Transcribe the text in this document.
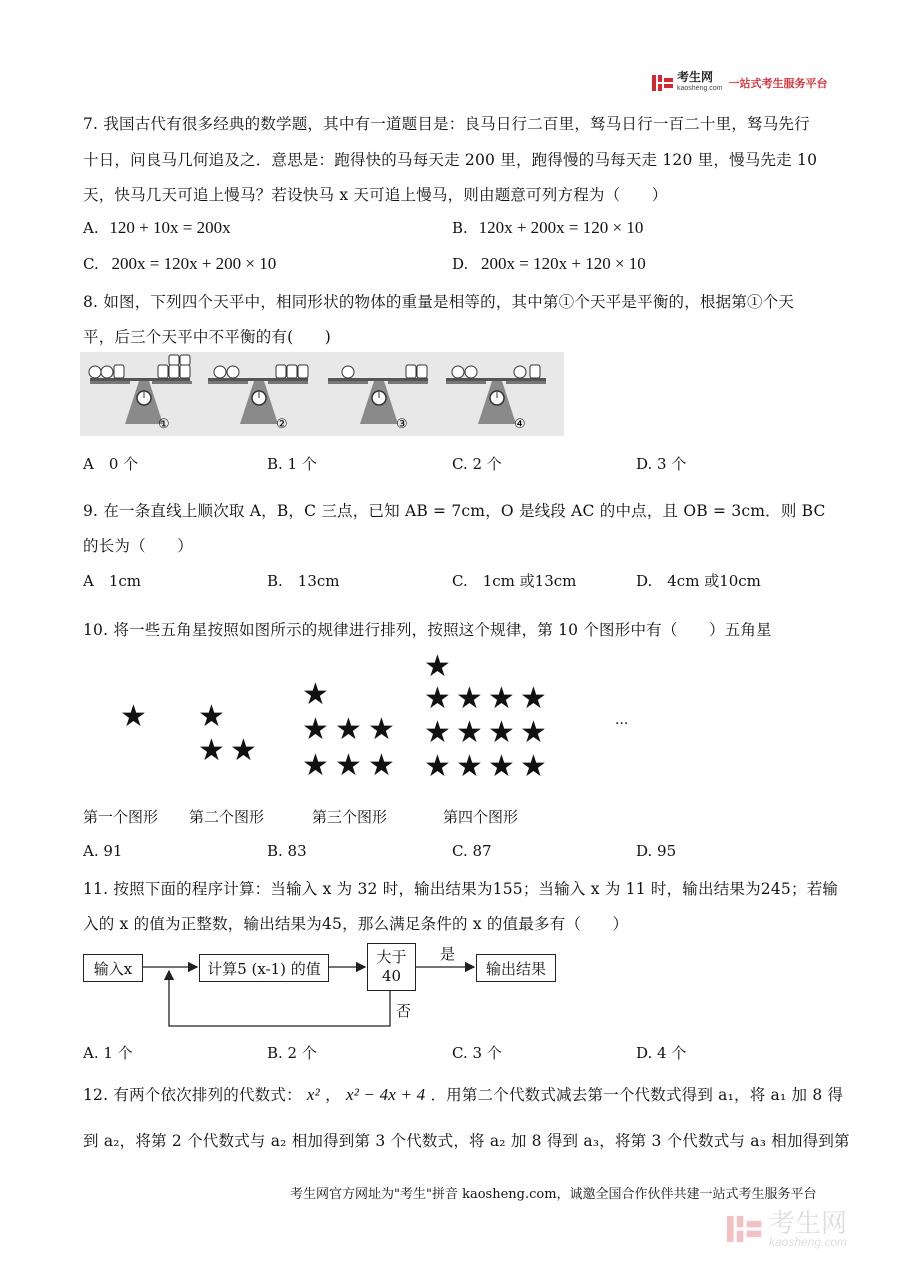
考生网
kaosheng.com 一站式考生服务平台
7. 我国古代有很多经典的数学题，其中有一道题目是：良马日行二百里，驽马日行一百二十里，驽马先行
十日，问良马几何追及之．意思是：跑得快的马每天走 200 里，跑得慢的马每天走 120 里，慢马先走 10
天，快马几天可追上慢马？若设快马 x 天可追上慢马，则由题意可列方程为（　　）
A. 120 + 10x = 200x	B. 120x + 200x = 120 × 10
C. 200x = 120x + 200 × 10	D. 200x = 120x + 120 × 10
8. 如图，下列四个天平中，相同形状的物体的重量是相等的，其中第①个天平是平衡的，根据第①个天
平，后三个天平中不平衡的有(　　)
①	②	③	④
A　0 个	B. 1 个	C. 2 个	D. 3 个
9. 在一条直线上顺次取 A，B，C 三点，已知 AB = 7cm，O 是线段 AC 的中点，且 OB = 3cm．则 BC
的长为（　　）
A　1cm	B.　13cm	C.　1cm 或13cm	D.　4cm 或10cm
10. 将一些五角星按照如图所示的规律进行排列，按照这个规律，第 10 个图形中有（　　）五角星
★ ★
★ ★
★
★ ★ ★
★ ★ ★
★
★ ★ ★ ★
★ ★ ★ ★
★ ★ ★ ★
...
第一个图形 第二个图形	第三个图形	第四个图形
A. 91	B. 83	C. 87	D. 95
11. 按照下面的程序计算：当输入 x 为 32 时，输出结果为155；当输入 x 为 11 时，输出结果为245；若输
入的 x 的值为正整数，输出结果为45，那么满足条件的 x 的值最多有（　　）
输入x	计算5 (x-1) 的值
大于
40	输出结果
是
否
A. 1 个	B. 2 个	C. 3 个	D. 4 个
12. 有两个依次排列的代数式： x² ， x² − 4x + 4 ．用第二个代数式减去第一个代数式得到 a₁，将 a₁ 加 8 得
到 a₂，将第 2 个代数式与 a₂ 相加得到第 3 个代数式，将 a₂ 加 8 得到 a₃，将第 3 个代数式与 a₃ 相加得到第
考生网官方网址为"考生"拼音 kaosheng.com，诚邀全国合作伙伴共建一站式考生服务平台
考生网
kaosheng.com
